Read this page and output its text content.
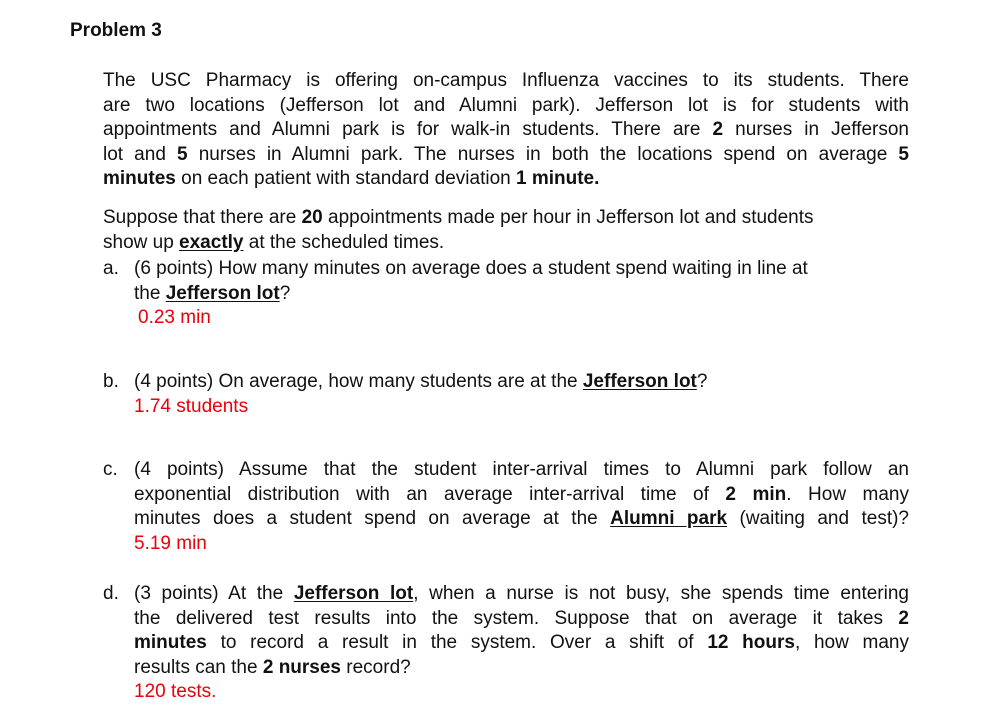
Problem 3
The USC Pharmacy is offering on-campus Influenza vaccines to its students. There
are two locations (Jefferson lot and Alumni park). Jefferson lot is for students with
appointments and Alumni park is for walk-in students. There are 2 nurses in Jefferson
lot and 5 nurses in Alumni park. The nurses in both the locations spend on average 5
minutes on each patient with standard deviation 1 minute.
Suppose that there are 20 appointments made per hour in Jefferson lot and students
show up exactly at the scheduled times.
a. (6 points) How many minutes on average does a student spend waiting in line at
the Jefferson lot?
0.23 min
b. (4 points) On average, how many students are at the Jefferson lot?
1.74 students
c. (4 points) Assume that the student inter-arrival times to Alumni park follow an
exponential distribution with an average inter-arrival time of 2 min. How many
minutes does a student spend on average at the Alumni park (waiting and test)?
5.19 min
d. (3 points) At the Jefferson lot, when a nurse is not busy, she spends time entering
the delivered test results into the system. Suppose that on average it takes 2
minutes to record a result in the system. Over a shift of 12 hours, how many
results can the 2 nurses record?
120 tests.
